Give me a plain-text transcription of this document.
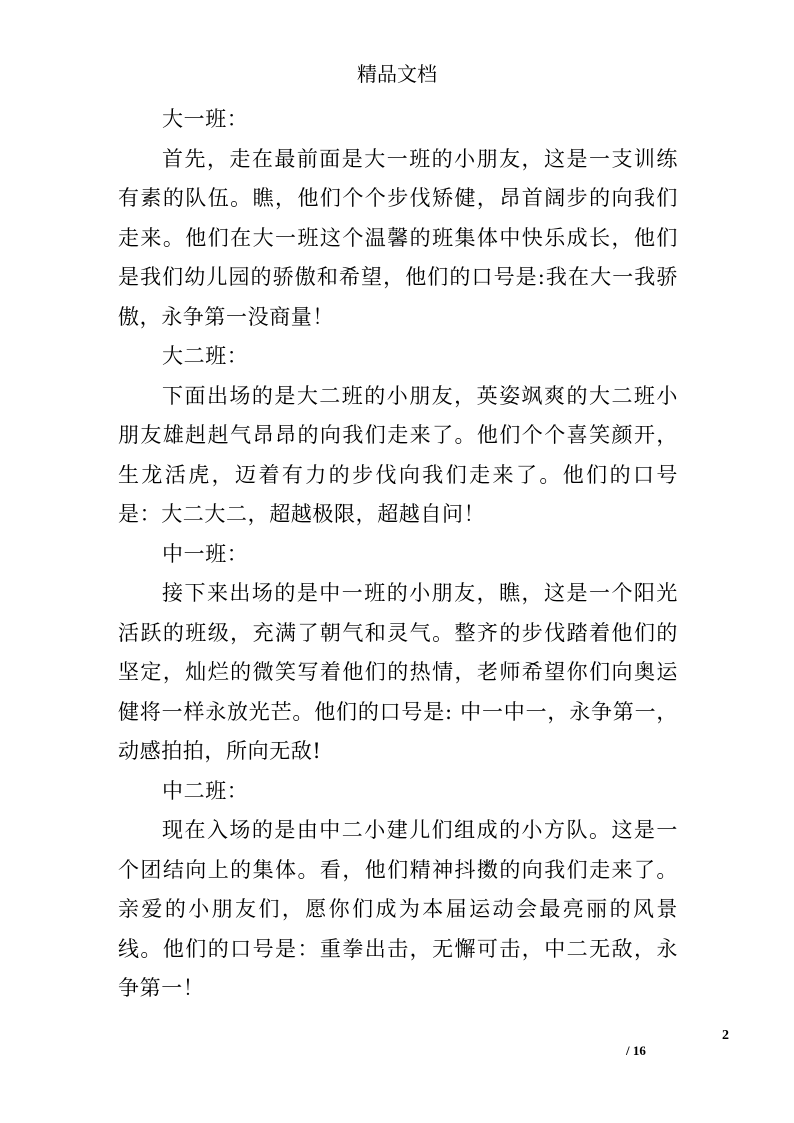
精品文档

大一班：

首先，走在最前面是大一班的小朋友，这是一支训练有素的队伍。瞧，他们个个步伐矫健，昂首阔步的向我们走来。他们在大一班这个温馨的班集体中快乐成长，他们是我们幼儿园的骄傲和希望，他们的口号是:我在大一我骄傲，永争第一没商量！

大二班：

下面出场的是大二班的小朋友，英姿飒爽的大二班小朋友雄赳赳气昂昂的向我们走来了。他们个个喜笑颜开，生龙活虎，迈着有力的步伐向我们走来了。他们的口号是：大二大二，超越极限，超越自问！

中一班：

接下来出场的是中一班的小朋友，瞧，这是一个阳光活跃的班级，充满了朝气和灵气。整齐的步伐踏着他们的坚定，灿烂的微笑写着他们的热情，老师希望你们向奥运健将一样永放光芒。他们的口号是: 中一中一，永争第一，动感拍拍，所向无敌!

中二班：

现在入场的是由中二小建儿们组成的小方队。这是一个团结向上的集体。看，他们精神抖擞的向我们走来了。亲爱的小朋友们，愿你们成为本届运动会最亮丽的风景线。他们的口号是：重拳出击，无懈可击，中二无敌，永争第一！

2
/ 16
